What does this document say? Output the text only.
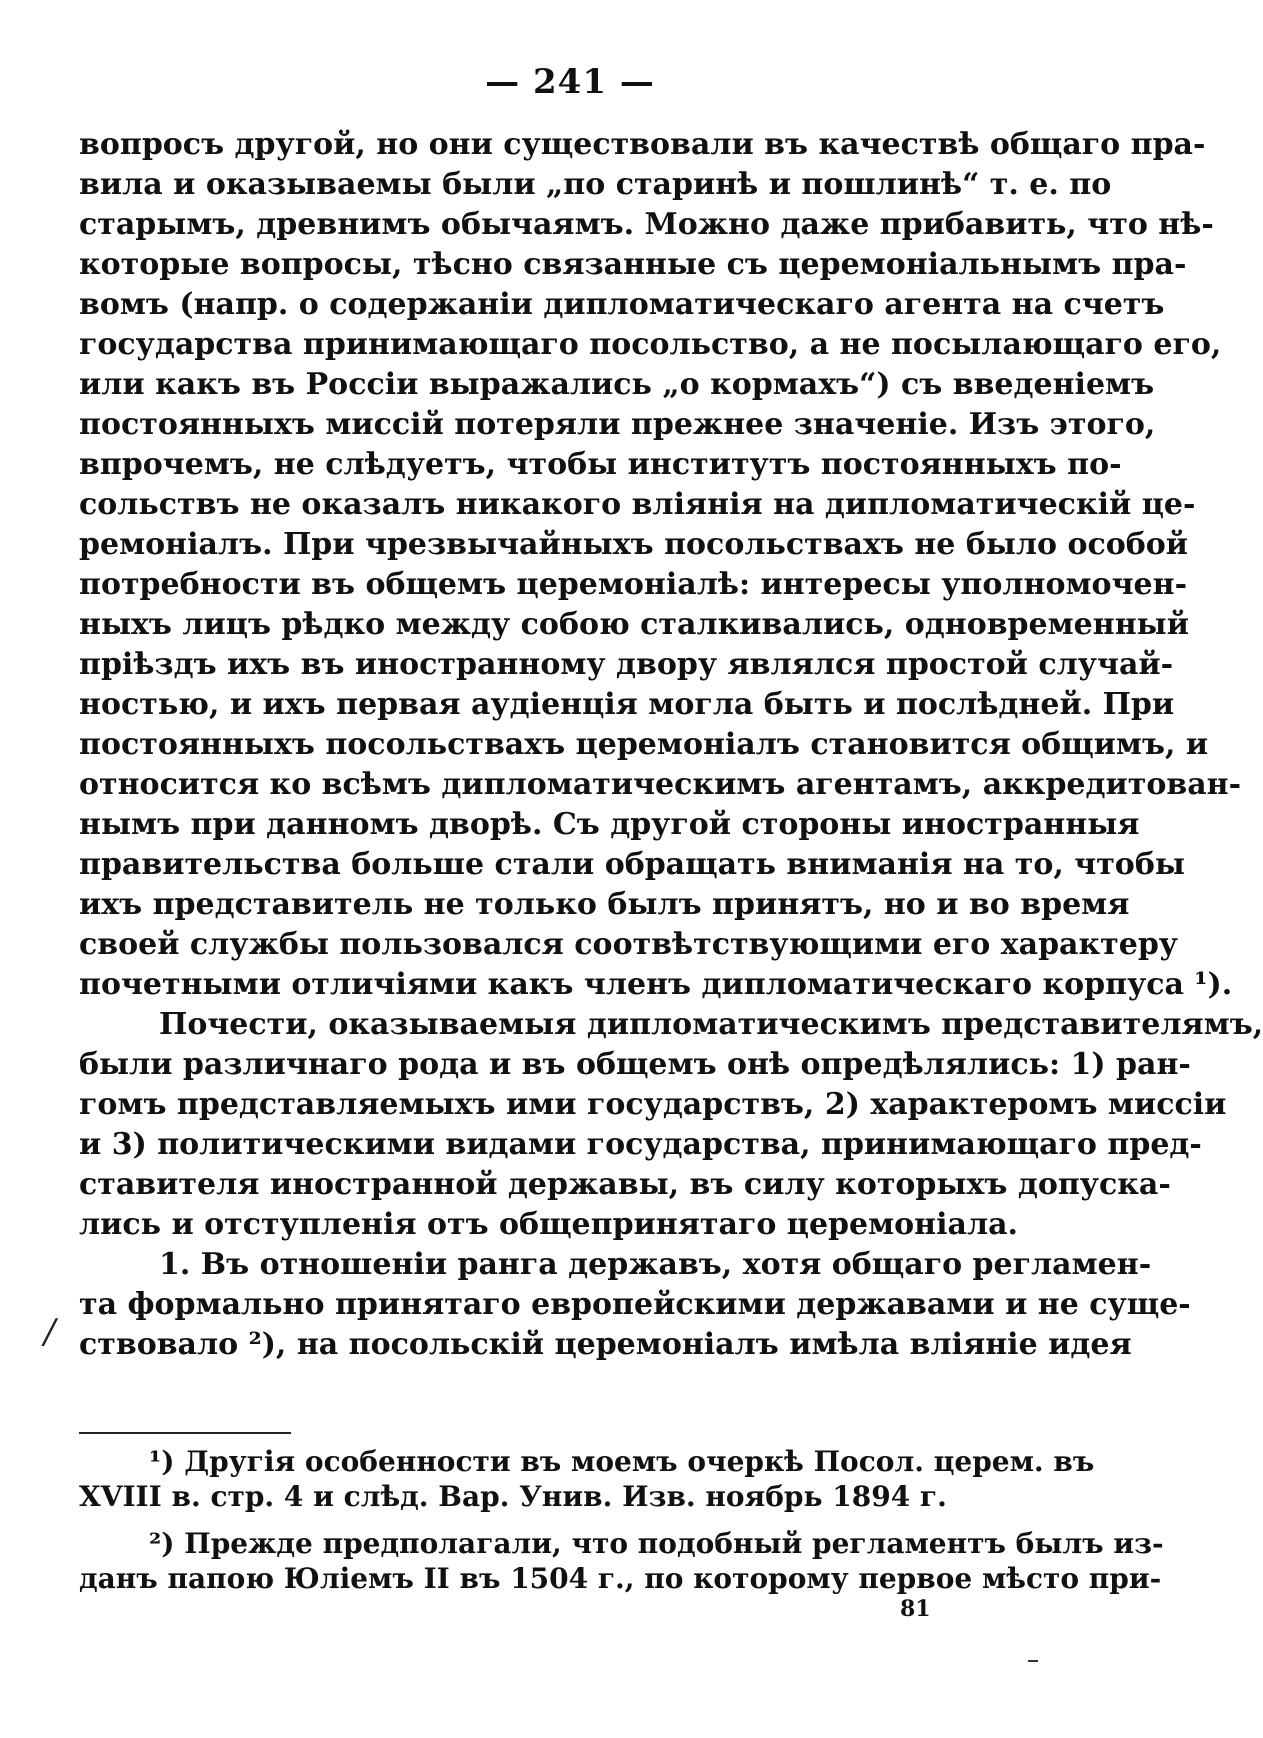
— 241 —
вопросъ другой, но они существовали въ качествѣ общаго пра-
вила и оказываемы были „по старинѣ и пошлинѣ“ т. е. по
старымъ, древнимъ обычаямъ. Можно даже прибавить, что нѣ-
которые вопросы, тѣсно связанные съ церемоніальнымъ пра-
вомъ (напр. о содержаніи дипломатическаго агента на счетъ
государства принимающаго посольство, а не посылающаго его,
или какъ въ Россіи выражались „о кормахъ“) съ введеніемъ
постоянныхъ миссій потеряли прежнее значеніе. Изъ этого,
впрочемъ, не слѣдуетъ, чтобы институтъ постоянныхъ по-
сольствъ не оказалъ никакого вліянія на дипломатическій це-
ремоніалъ. При чрезвычайныхъ посольствахъ не было особой
потребности въ общемъ церемоніалѣ: интересы уполномочен-
ныхъ лицъ рѣдко между собою сталкивались, одновременный
пріѣздъ ихъ въ иностранному двору являлся простой случай-
ностью, и ихъ первая аудіенція могла быть и послѣдней. При
постоянныхъ посольствахъ церемоніалъ становится общимъ, и
относится ко всѣмъ дипломатическимъ агентамъ, аккредитован-
нымъ при данномъ дворѣ. Съ другой стороны иностранныя
правительства больше стали обращать вниманія на то, чтобы
ихъ представитель не только былъ принятъ, но и во время
своей службы пользовался соотвѣтствующими его характеру
почетными отличіями какъ членъ дипломатическаго корпуса ¹).
Почести, оказываемыя дипломатическимъ представителямъ,
были различнаго рода и въ общемъ онѣ опредѣлялись: 1) ран-
гомъ представляемыхъ ими государствъ, 2) характеромъ миссіи
и 3) политическими видами государства, принимающаго пред-
ставителя иностранной державы, въ силу которыхъ допуска-
лись и отступленія отъ общепринятаго церемоніала.
1. Въ отношеніи ранга державъ, хотя общаго регламен-
та формально принятаго европейскими державами и не суще-
ствовало ²), на посольскій церемоніалъ имѣла вліяніе идея
/
¹) Другія особенности въ моемъ очеркѣ Посол. церем. въ
XVIII в. стр. 4 и слѣд. Вар. Унив. Изв. ноябрь 1894 г.
²) Прежде предполагали, что подобный регламентъ былъ из-
данъ папою Юліемъ II въ 1504 г., по которому первое мѣсто при-
81
